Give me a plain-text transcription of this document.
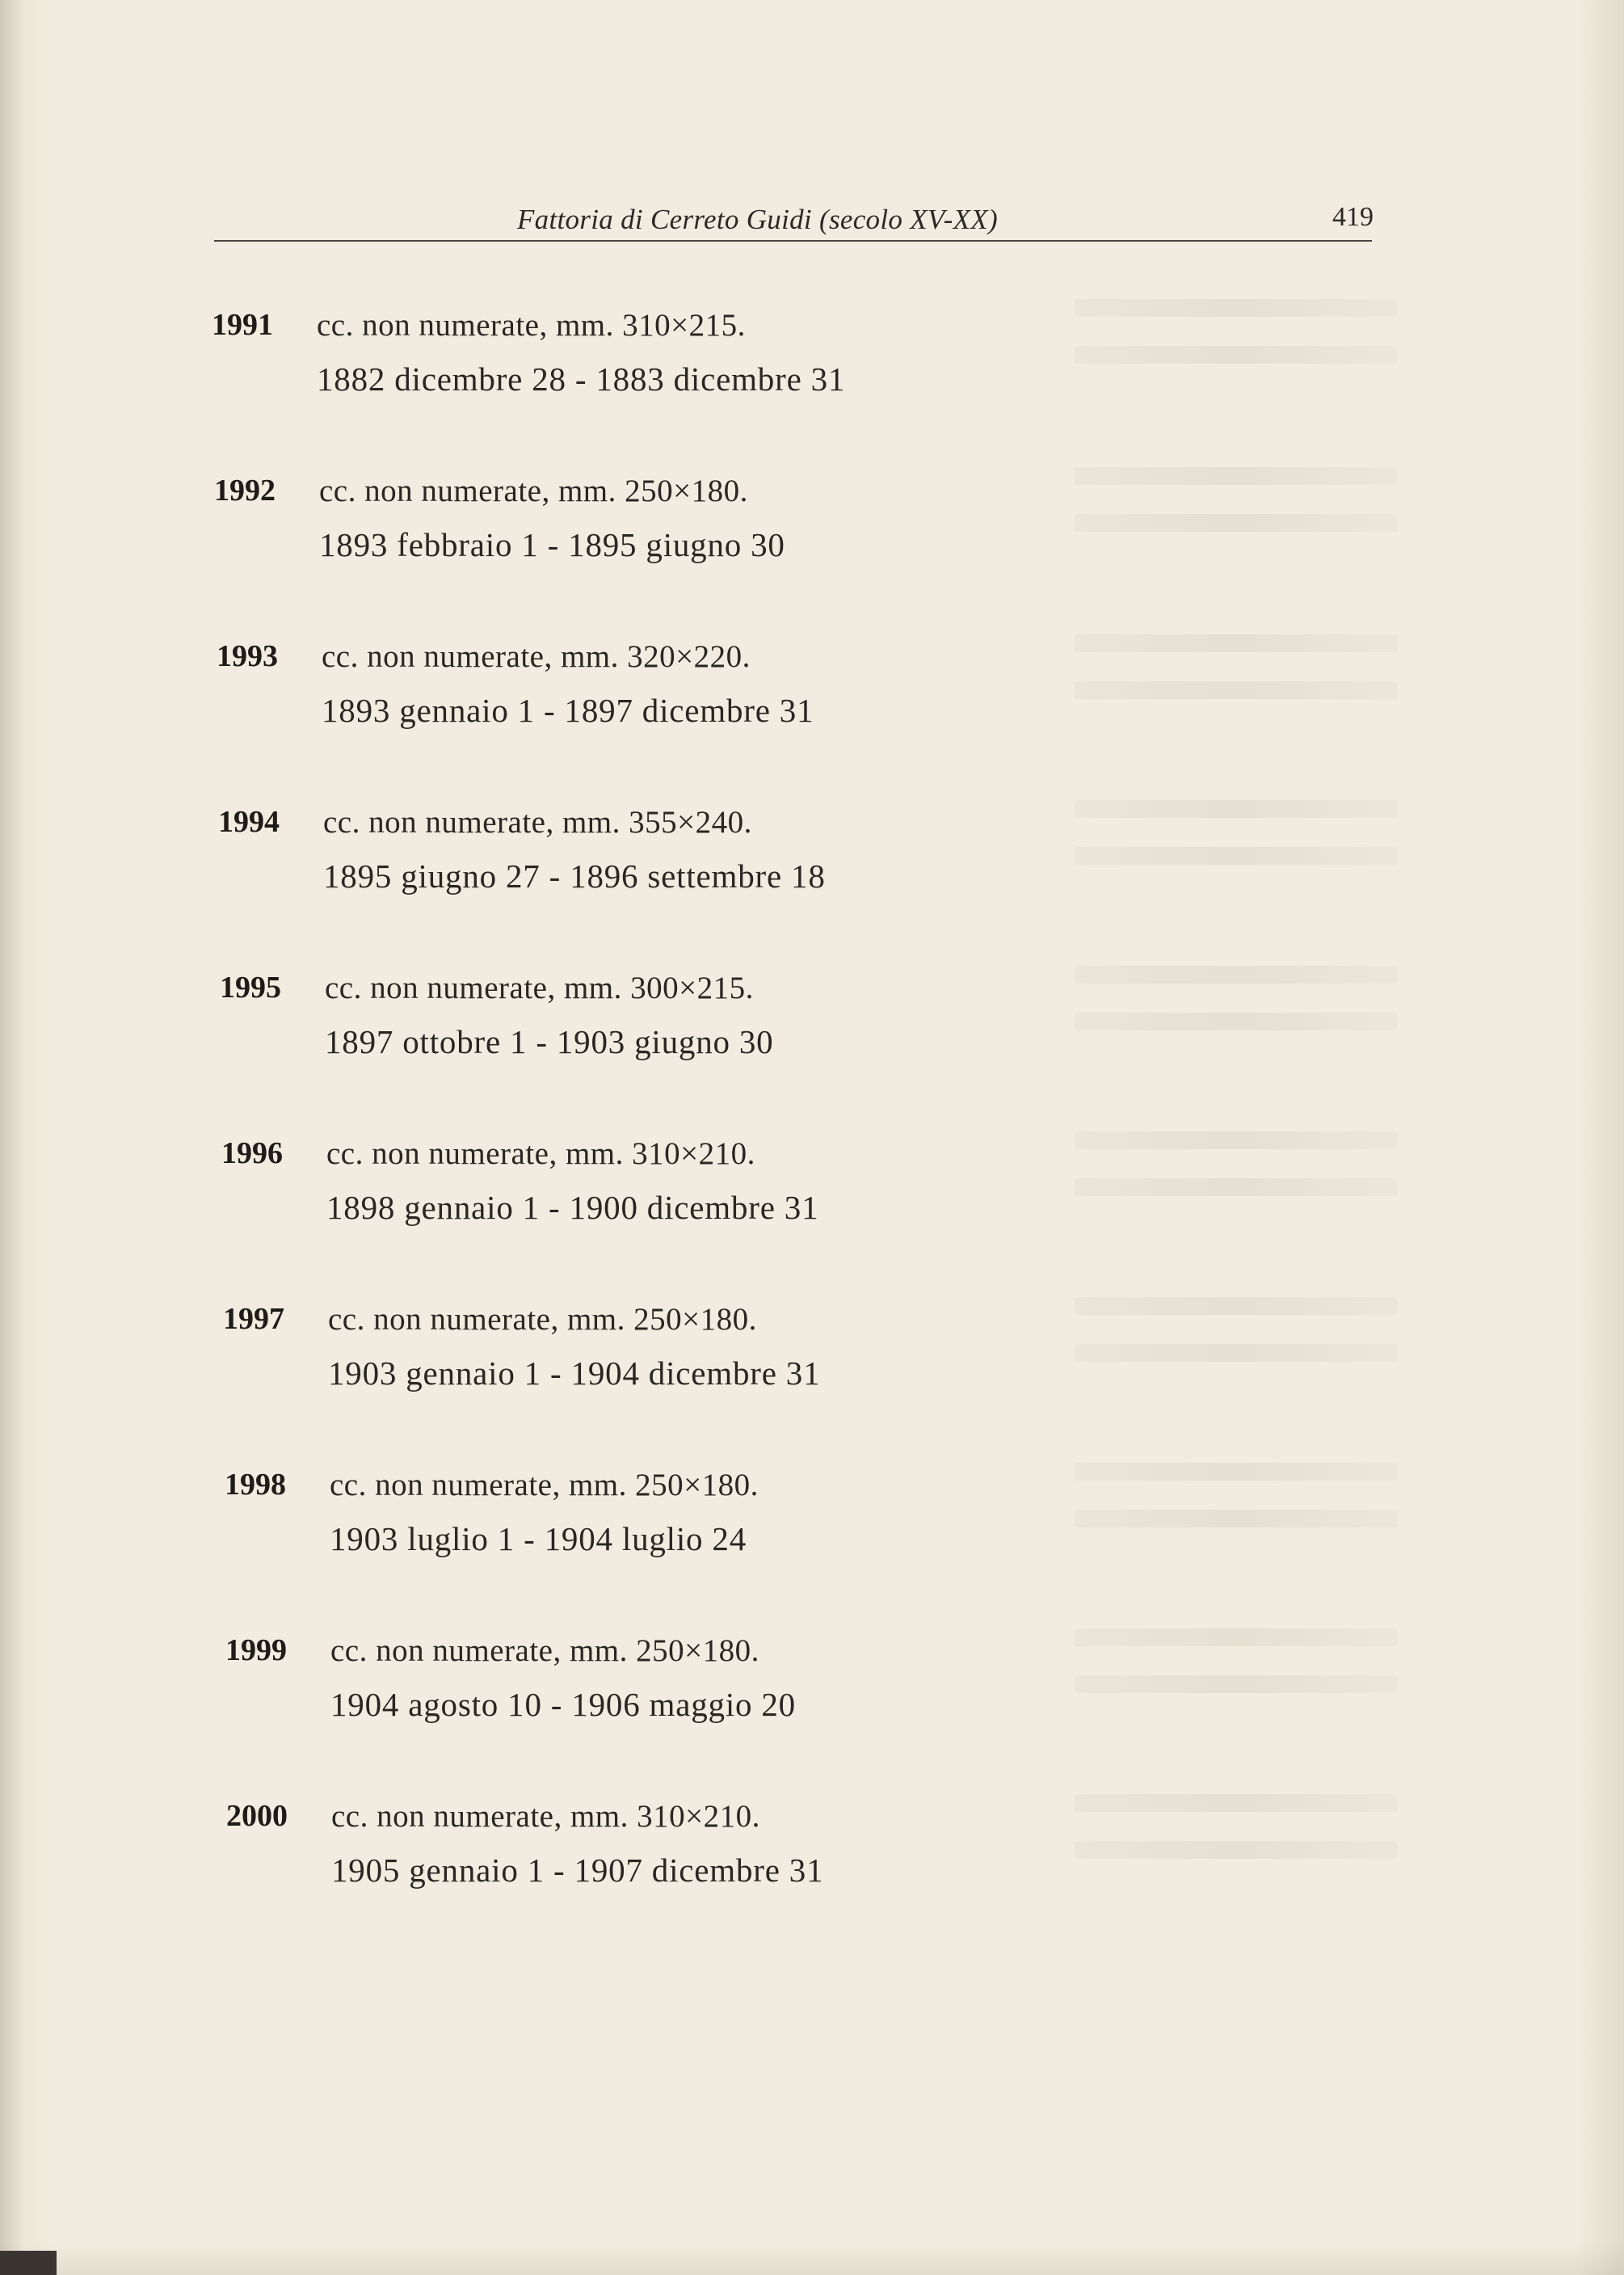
Fattoria di Cerreto Guidi (secolo XV-XX)	419
1991	cc. non numerate, mm. 310×215.
1882 dicembre 28 - 1883 dicembre 31
1992	cc. non numerate, mm. 250×180.
1893 febbraio 1 - 1895 giugno 30
1993	cc. non numerate, mm. 320×220.
1893 gennaio 1 - 1897 dicembre 31
1994	cc. non numerate, mm. 355×240.
1895 giugno 27 - 1896 settembre 18
1995	cc. non numerate, mm. 300×215.
1897 ottobre 1 - 1903 giugno 30
1996	cc. non numerate, mm. 310×210.
1898 gennaio 1 - 1900 dicembre 31
1997	cc. non numerate, mm. 250×180.
1903 gennaio 1 - 1904 dicembre 31
1998	cc. non numerate, mm. 250×180.
1903 luglio 1 - 1904 luglio 24
1999	cc. non numerate, mm. 250×180.
1904 agosto 10 - 1906 maggio 20
2000	cc. non numerate, mm. 310×210.
1905 gennaio 1 - 1907 dicembre 31
